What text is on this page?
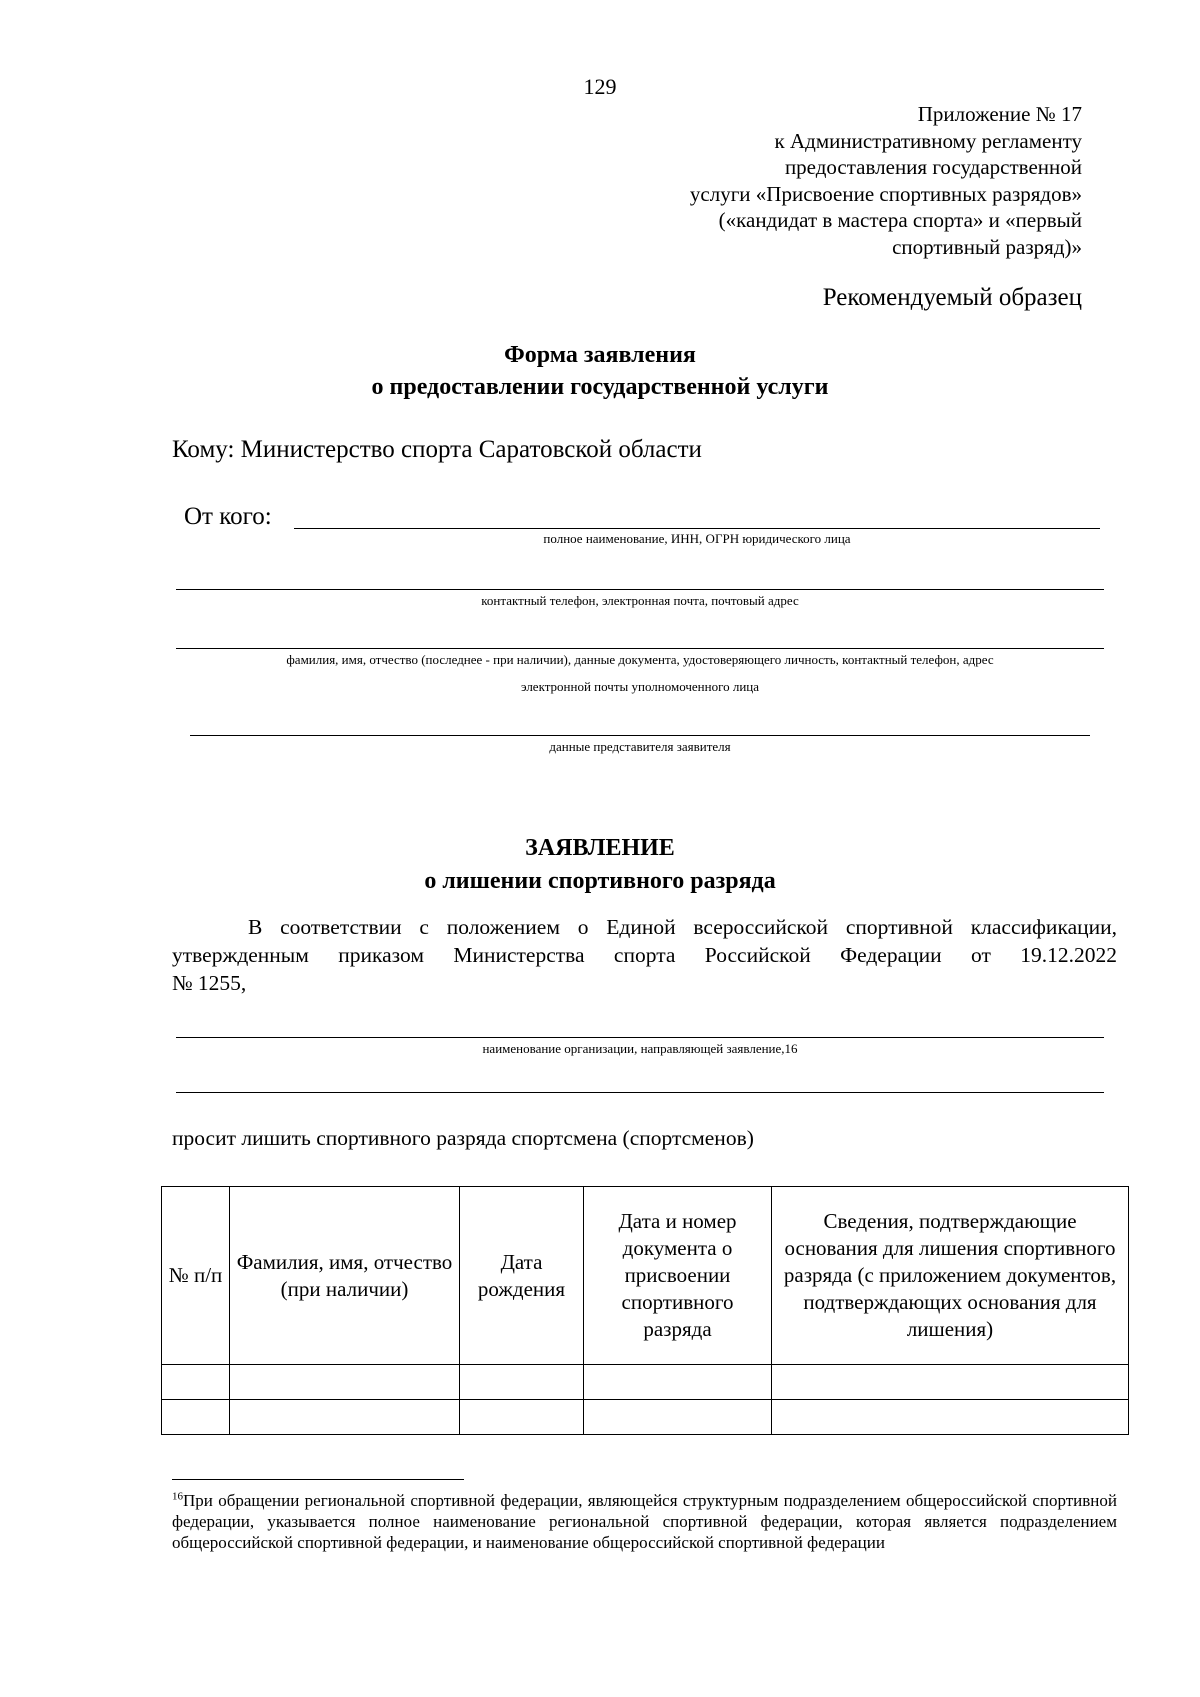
129
Приложение № 17
к Административному регламенту
предоставления государственной
услуги «Присвоение спортивных разрядов»
(«кандидат в мастера спорта» и «первый
спортивный разряд)»
Рекомендуемый образец
Форма заявления
о предоставлении государственной услуги
Кому: Министерство спорта Саратовской области
От кого:
полное наименование, ИНН, ОГРН юридического лица
контактный телефон, электронная почта, почтовый адрес
фамилия, имя, отчество (последнее - при наличии), данные документа, удостоверяющего личность, контактный телефон, адрес
электронной почты уполномоченного лица
данные представителя заявителя
ЗАЯВЛЕНИЕ
о лишении спортивного разряда
В соответствии с положением о Единой всероссийской спортивной классификации,
утвержденным приказом Министерства спорта Российской Федерации от 19.12.2022
№ 1255,
наименование организации, направляющей заявление,16
просит лишить спортивного разряда спортсмена (спортсменов)
№ п/п	Фамилия, имя, отчество (при наличии)	Дата рождения	Дата и номер документа о присвоении спортивного разряда	Сведения, подтверждающие основания для лишения спортивного разряда (с приложением документов, подтверждающих основания для лишения)

$^{16}$При обращении региональной спортивной федерации, являющейся структурным подразделением общероссийской спортивной федерации, указывается полное наименование региональной спортивной федерации, которая является подразделением общероссийской спортивной федерации, и наименование общероссийской спортивной федерации
